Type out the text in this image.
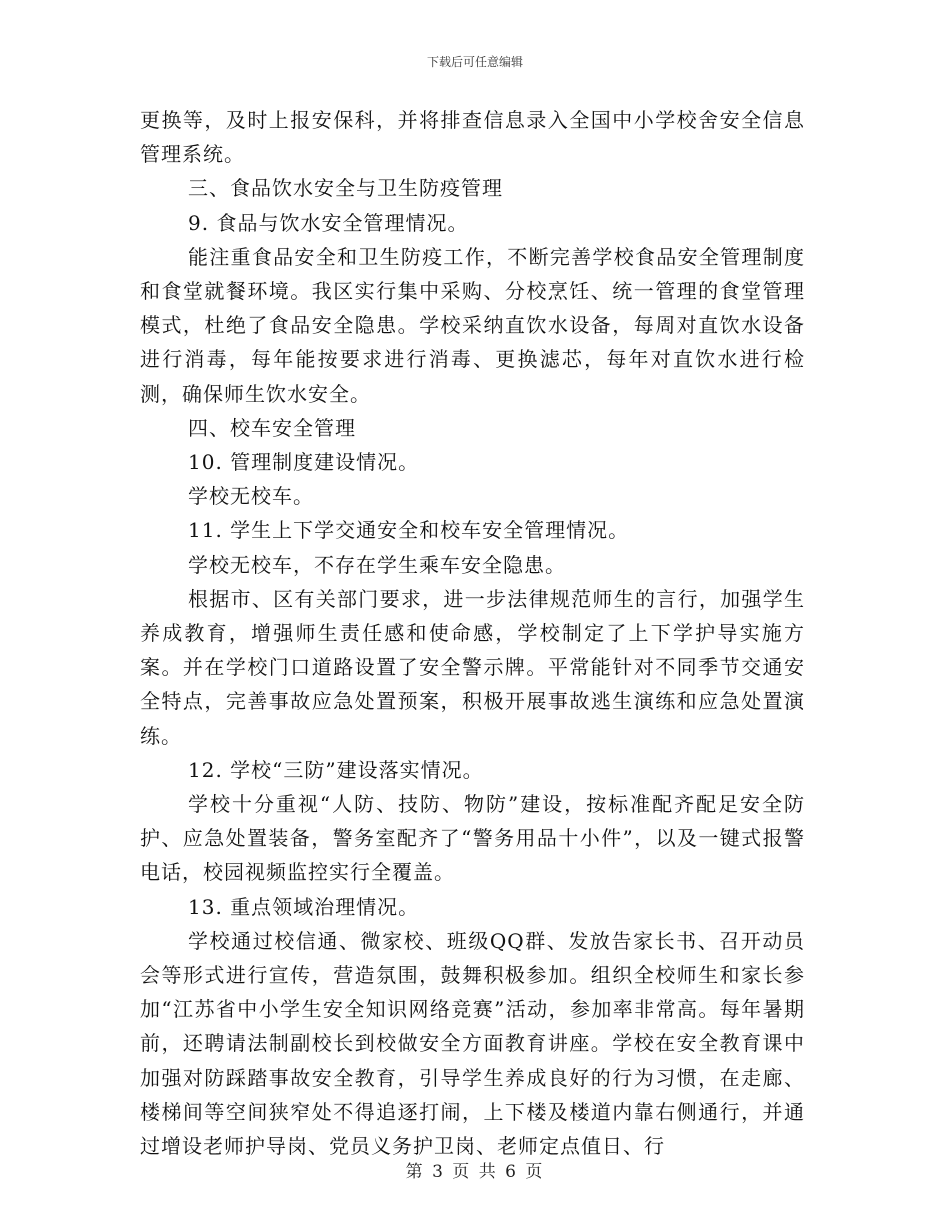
下载后可任意编辑

更换等，及时上报安保科，并将排查信息录入全国中小学校舍安全信息管理系统。

三、食品饮水安全与卫生防疫管理

9. 食品与饮水安全管理情况。

能注重食品安全和卫生防疫工作，不断完善学校食品安全管理制度和食堂就餐环境。我区实行集中采购、分校烹饪、统一管理的食堂管理模式，杜绝了食品安全隐患。学校采纳直饮水设备，每周对直饮水设备进行消毒，每年能按要求进行消毒、更换滤芯，每年对直饮水进行检测，确保师生饮水安全。

四、校车安全管理

10. 管理制度建设情况。

学校无校车。

11. 学生上下学交通安全和校车安全管理情况。

学校无校车，不存在学生乘车安全隐患。

根据市、区有关部门要求，进一步法律规范师生的言行，加强学生养成教育，增强师生责任感和使命感，学校制定了上下学护导实施方案。并在学校门口道路设置了安全警示牌。平常能针对不同季节交通安全特点，完善事故应急处置预案，积极开展事故逃生演练和应急处置演练。

12. 学校“三防”建设落实情况。

学校十分重视“人防、技防、物防”建设，按标准配齐配足安全防护、应急处置装备，警务室配齐了“警务用品十小件”，以及一键式报警电话，校园视频监控实行全覆盖。

13. 重点领域治理情况。

学校通过校信通、微家校、班级QQ群、发放告家长书、召开动员会等形式进行宣传，营造氛围，鼓舞积极参加。组织全校师生和家长参加“江苏省中小学生安全知识网络竞赛”活动，参加率非常高。每年暑期前，还聘请法制副校长到校做安全方面教育讲座。学校在安全教育课中加强对防踩踏事故安全教育，引导学生养成良好的行为习惯，在走廊、楼梯间等空间狭窄处不得追逐打闹，上下楼及楼道内靠右侧通行，并通过增设老师护导岗、党员义务护卫岗、老师定点值日、行

第 3 页 共 6 页
